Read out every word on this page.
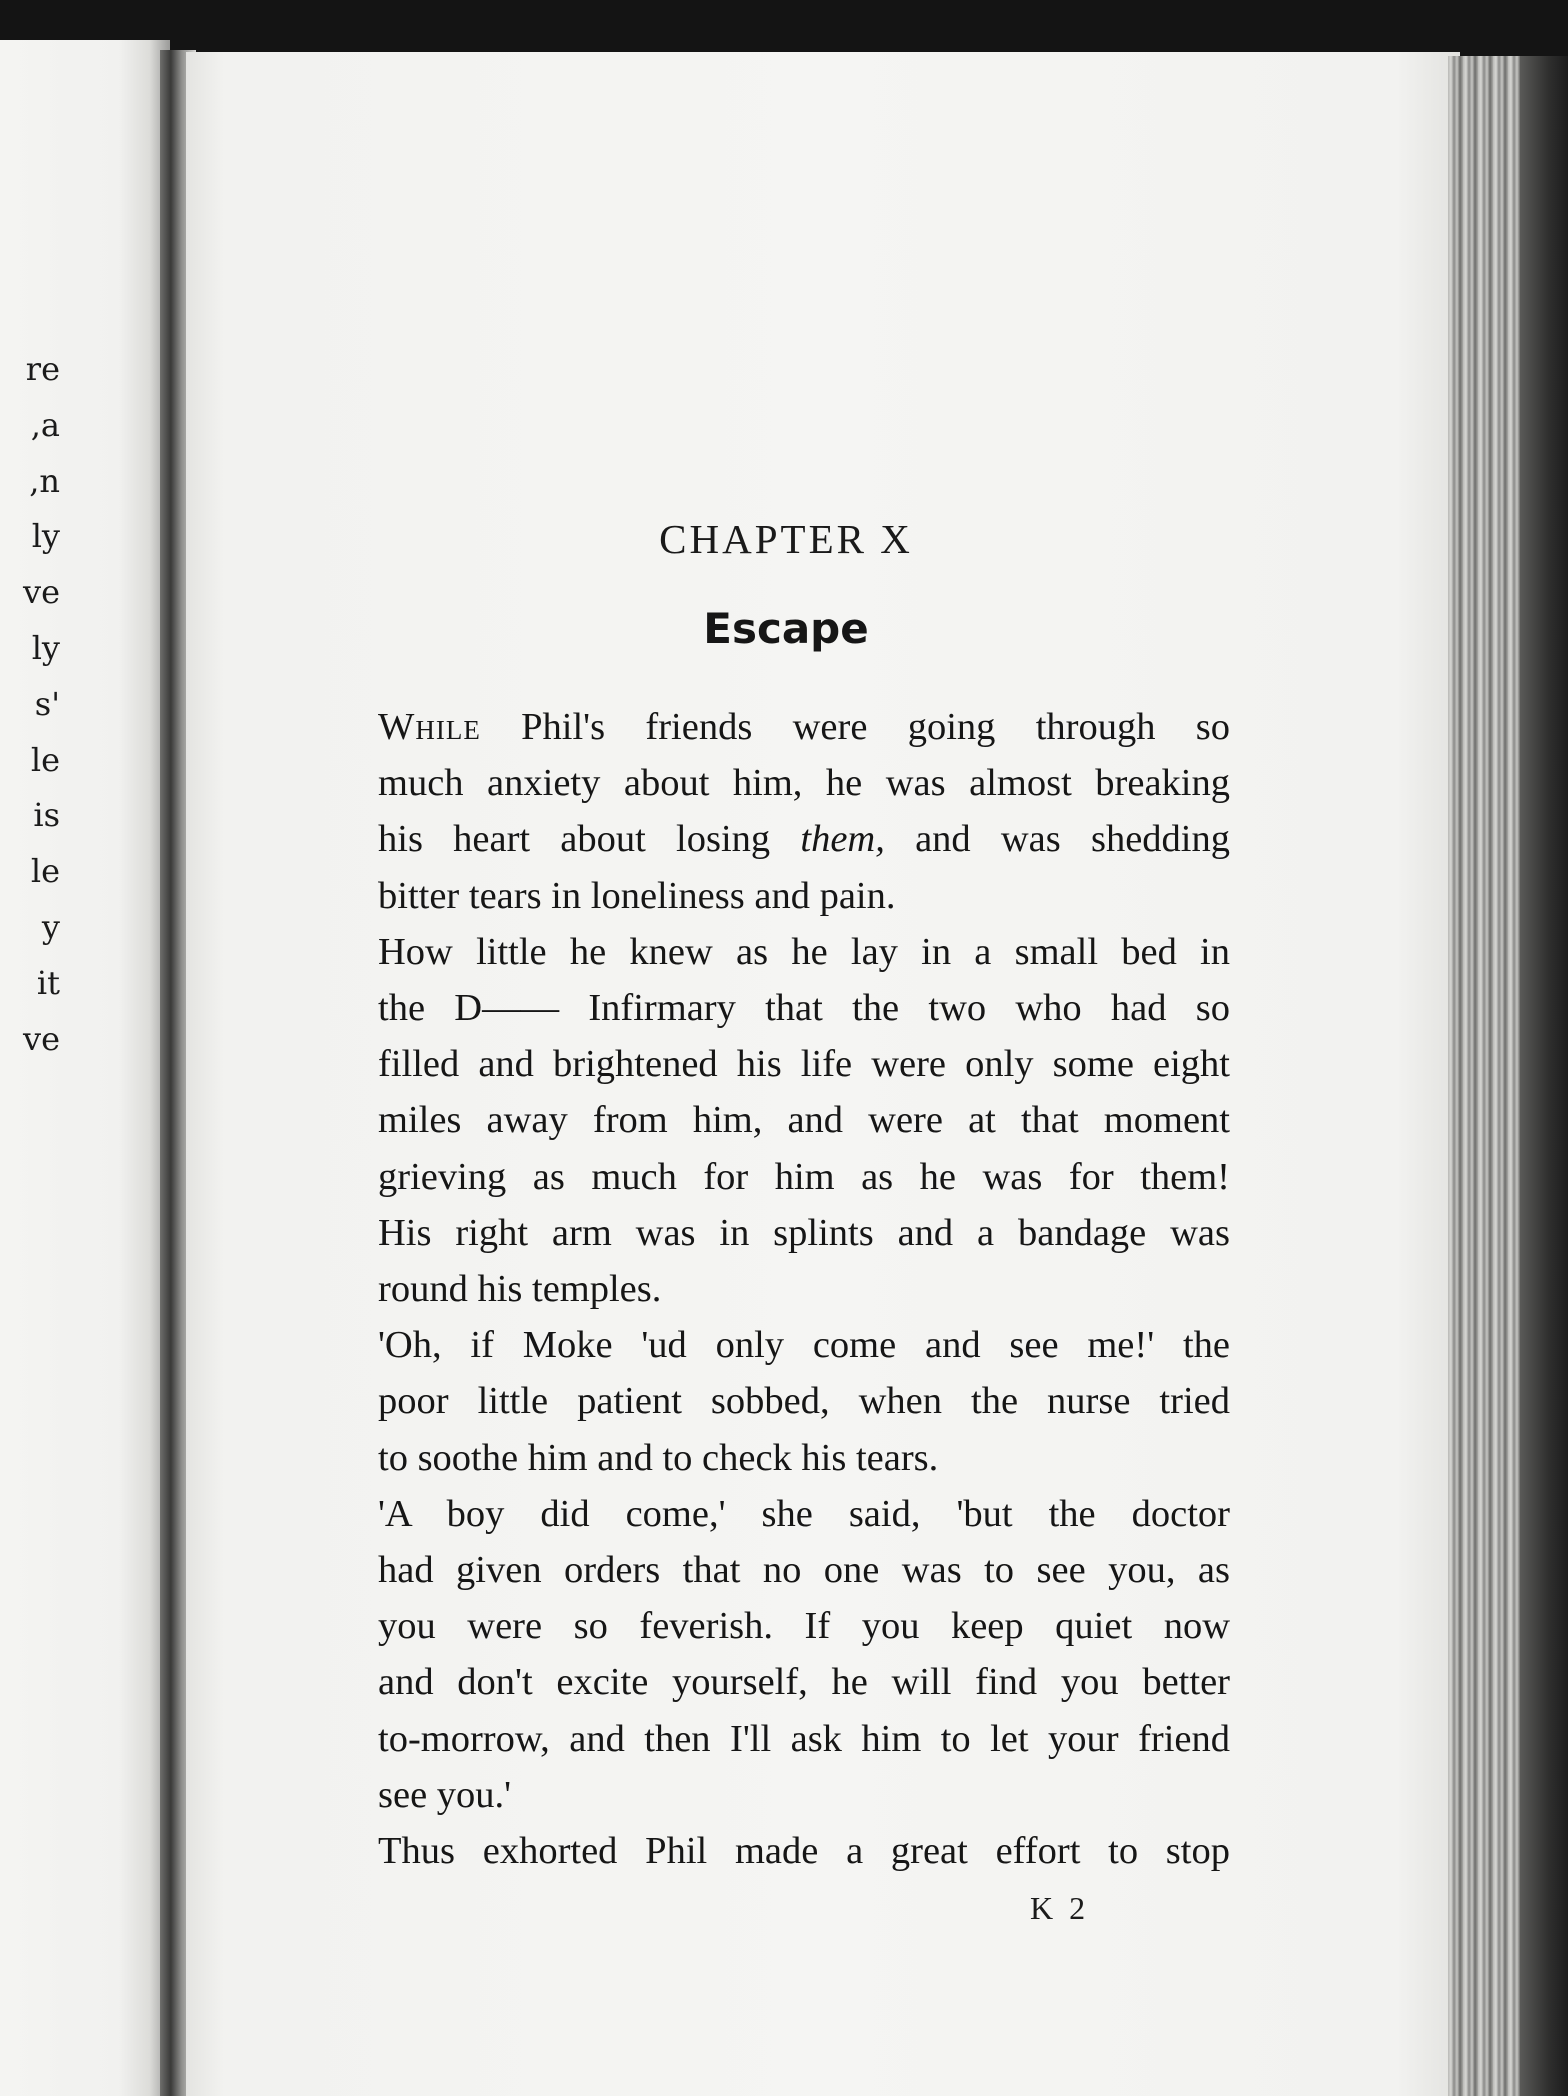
re
a,
n,
ly
ve
ly
's
le
is
le
y
it
ve
CHAPTER X
Escape

While Phil's friends were going through so
much anxiety about him, he was almost breaking
his heart about losing them, and was shedding
bitter tears in loneliness and pain.

How little he knew as he lay in a small bed in
the D—— Infirmary that the two who had so
filled and brightened his life were only some eight
miles away from him, and were at that moment
grieving as much for him as he was for them!
His right arm was in splints and a bandage was
round his temples.

'Oh, if Moke 'ud only come and see me!' the
poor little patient sobbed, when the nurse tried
to soothe him and to check his tears.

'A boy did come,' she said, 'but the doctor
had given orders that no one was to see you, as
you were so feverish. If you keep quiet now
and don't excite yourself, he will find you better
to-morrow, and then I'll ask him to let your friend
see you.'

Thus exhorted Phil made a great effort to stop

K 2
